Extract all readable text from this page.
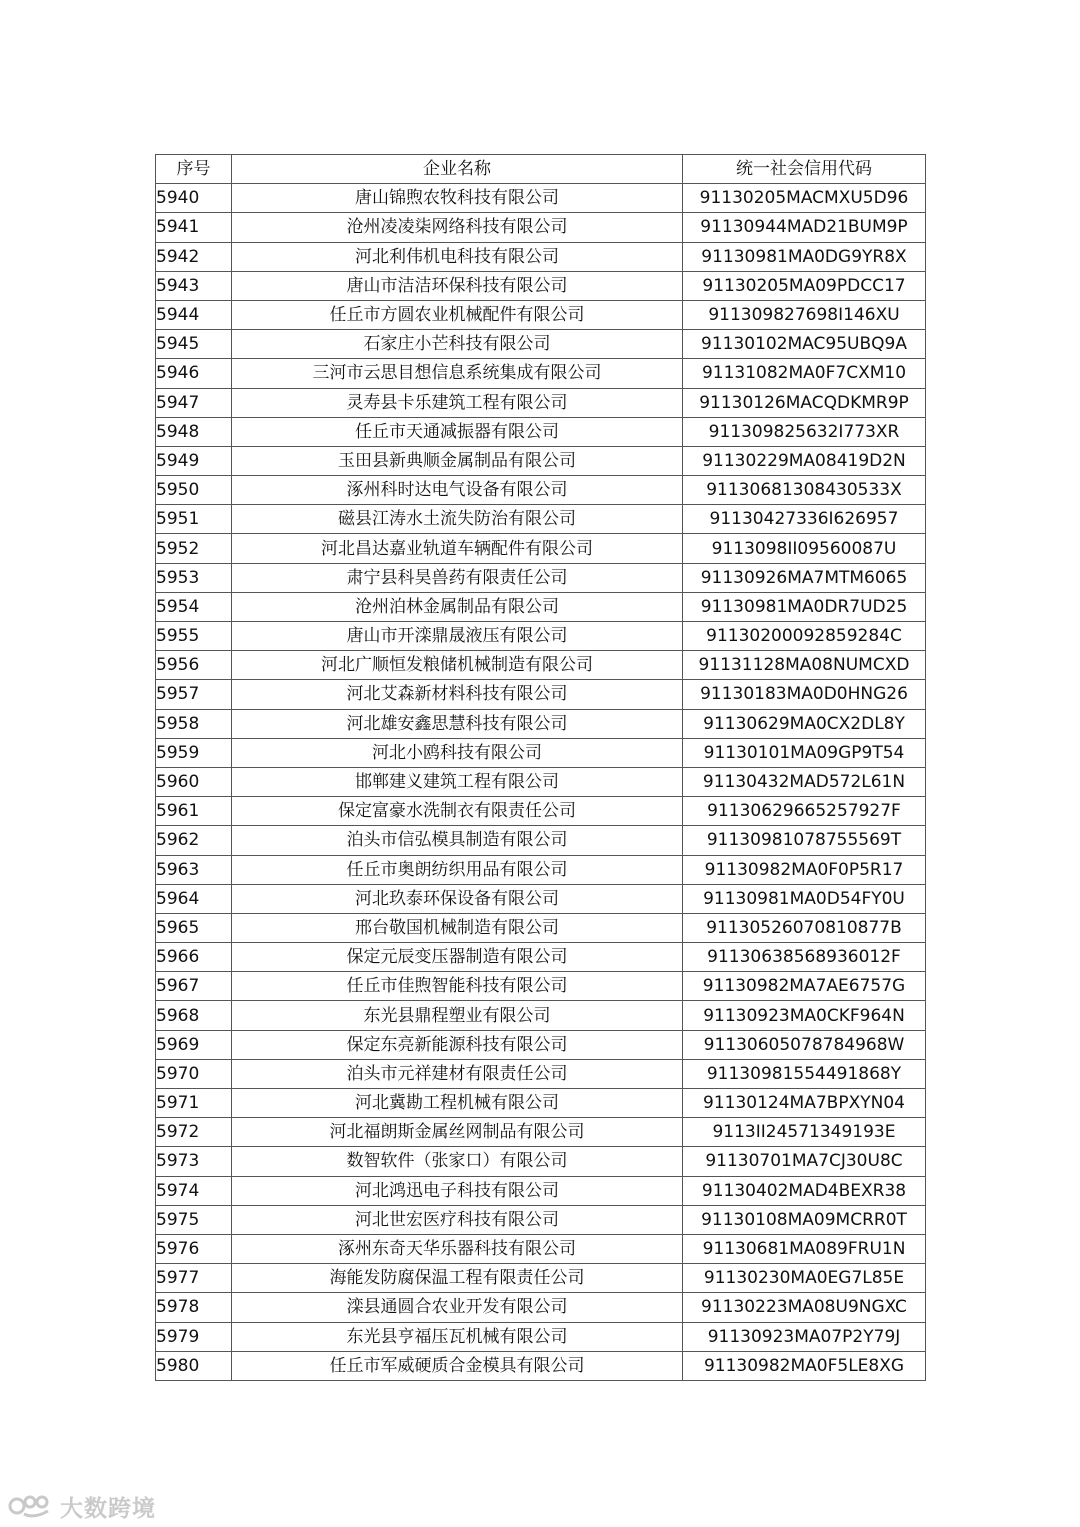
序号	企业名称	统一社会信用代码
5940	唐山锦煦农牧科技有限公司	91130205MACMXU5D96
5941	沧州凌凌柒网络科技有限公司	91130944MAD21BUM9P
5942	河北利伟机电科技有限公司	91130981MA0DG9YR8X
5943	唐山市洁洁环保科技有限公司	91130205MA09PDCC17
5944	任丘市方圆农业机械配件有限公司	911309827698I146XU
5945	石家庄小芒科技有限公司	91130102MAC95UBQ9A
5946	三河市云思目想信息系统集成有限公司	91131082MA0F7CXM10
5947	灵寿县卡乐建筑工程有限公司	91130126MACQDKMR9P
5948	任丘市天通减振器有限公司	911309825632I773XR
5949	玉田县新典顺金属制品有限公司	91130229MA08419D2N
5950	涿州科时达电气设备有限公司	91130681308430533X
5951	磁县江涛水土流失防治有限公司	91130427336I626957
5952	河北昌达嘉业轨道车辆配件有限公司	9113098II09560087U
5953	肃宁县科昊兽药有限责任公司	91130926MA7MTM6065
5954	沧州泊林金属制品有限公司	91130981MA0DR7UD25
5955	唐山市开滦鼎晟液压有限公司	91130200092859284C
5956	河北广顺恒发粮储机械制造有限公司	91131128MA08NUMCXD
5957	河北艾森新材料科技有限公司	91130183MA0D0HNG26
5958	河北雄安鑫思慧科技有限公司	91130629MA0CX2DL8Y
5959	河北小鸥科技有限公司	91130101MA09GP9T54
5960	邯郸建义建筑工程有限公司	91130432MAD572L61N
5961	保定富豪水洗制衣有限责任公司	91130629665257927F
5962	泊头市信弘模具制造有限公司	91130981078755569T
5963	任丘市奥朗纺织用品有限公司	91130982MA0F0P5R17
5964	河北玖泰环保设备有限公司	91130981MA0D54FY0U
5965	邢台敬国机械制造有限公司	91130526070810877B
5966	保定元辰变压器制造有限公司	91130638568936012F
5967	任丘市佳煦智能科技有限公司	91130982MA7AE6757G
5968	东光县鼎程塑业有限公司	91130923MA0CKF964N
5969	保定东亮新能源科技有限公司	91130605078784968W
5970	泊头市元祥建材有限责任公司	91130981554491868Y
5971	河北冀勘工程机械有限公司	91130124MA7BPXYN04
5972	河北福朗斯金属丝网制品有限公司	9113II24571349193E
5973	数智软件（张家口）有限公司	91130701MA7CJ30U8C
5974	河北鸿迅电子科技有限公司	91130402MAD4BEXR38
5975	河北世宏医疗科技有限公司	91130108MA09MCRR0T
5976	涿州东奇天华乐器科技有限公司	91130681MA089FRU1N
5977	海能发防腐保温工程有限责任公司	91130230MA0EG7L85E
5978	滦县通圆合农业开发有限公司	91130223MA08U9NGXC
5979	东光县亨福压瓦机械有限公司	91130923MA07P2Y79J
5980	任丘市军威硬质合金模具有限公司	91130982MA0F5LE8XG
大数跨境
